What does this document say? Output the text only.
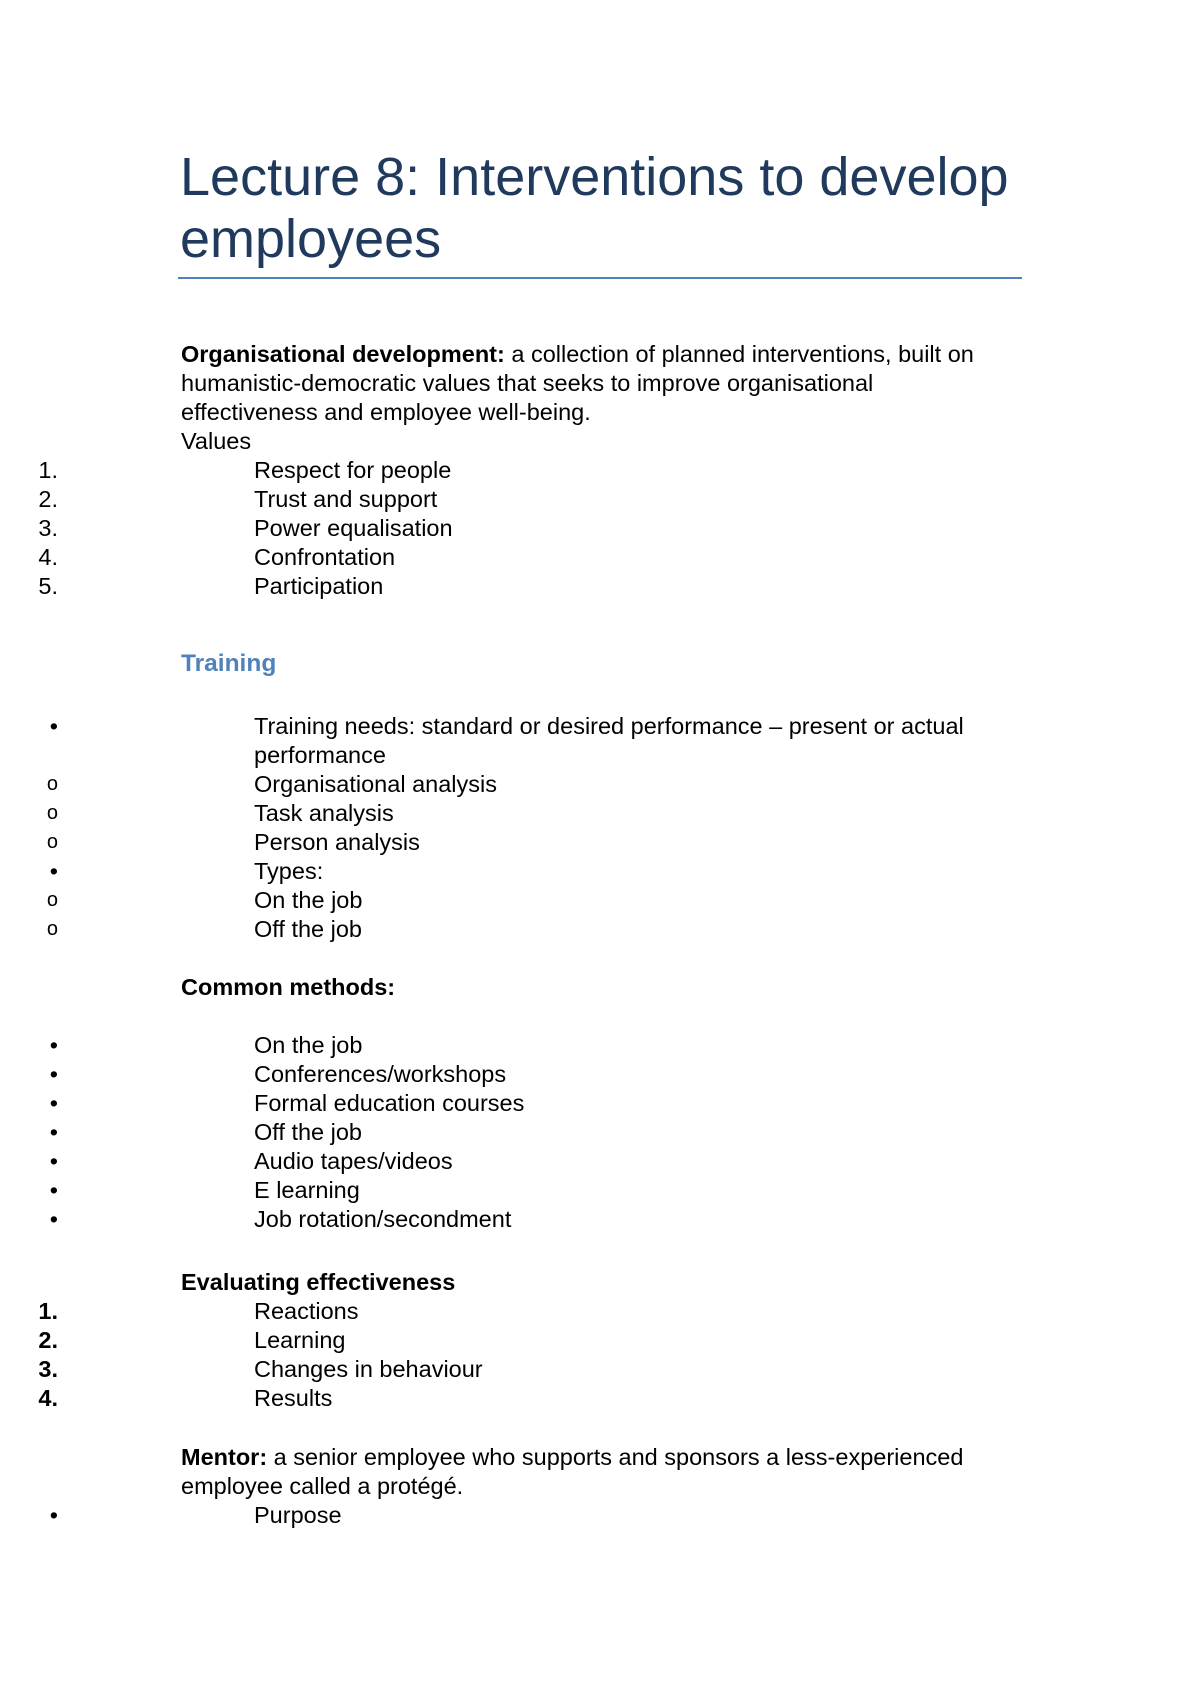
Lecture 8: Interventions to develop
employees
Organisational development: a collection of planned interventions, built on
humanistic-democratic values that seeks to improve organisational
effectiveness and employee well-being.
Values
1.	Respect for people
2.	Trust and support
3.	Power equalisation
4.	Confrontation
5.	Participation
Training
•	Training needs: standard or desired performance – present or actual
performance
o	Organisational analysis
o	Task analysis
o	Person analysis
•	Types:
o	On the job
o	Off the job
Common methods:
•	On the job
•	Conferences/workshops
•	Formal education courses
•	Off the job
•	Audio tapes/videos
•	E learning
•	Job rotation/secondment
Evaluating effectiveness
1.	Reactions
2.	Learning
3.	Changes in behaviour
4.	Results
Mentor: a senior employee who supports and sponsors a less-experienced
employee called a protégé.
•	Purpose
